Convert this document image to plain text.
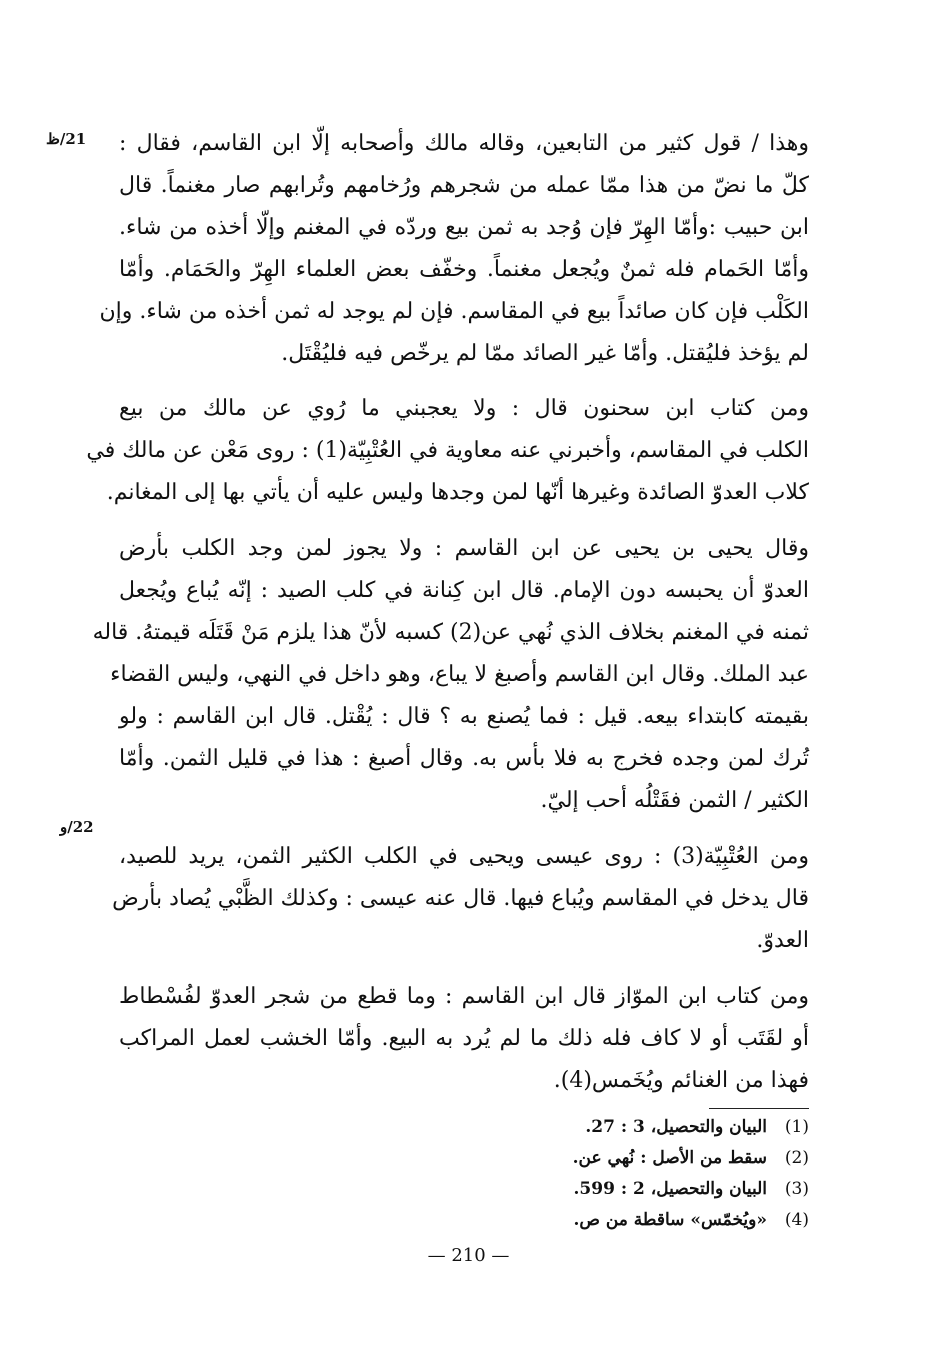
21/ظ
22/و
وهذا / قول كثير من التابعين، وقاله مالك وأصحابه إلّا ابن القاسم، فقال :
كلّ ما نضّ من هذا ممّا عمله من شجرهم ورُخامهم وتُرابهم صار مغنماً. قال
ابن حبيب :وأمّا الهِرّ فإن وُجد به ثمن بيع وردّه في المغنم وإلّا أخذه من شاء.
وأمّا الحَمام فله ثمنٌ ويُجعل مغنماً. وخفّف بعض العلماء الهِرّ والحَمَام. وأمّا
الكَلْب فإن كان صائداً بيع في المقاسم. فإن لم يوجد له ثمن أخذه من شاء. وإن
لم يؤخذ فليُقتل. وأمّا غير الصائد ممّا لم يرخّص فيه فليُقْتَل.
ومن كتاب ابن سحنون قال : ولا يعجبني ما رُوي عن مالك من بيع
الكلب في المقاسم، وأخبرني عنه معاوية في العُتْبِيّة(1) : روى مَعْن عن مالك في
كلاب العدوّ الصائدة وغيرها أنّها لمن وجدها وليس عليه أن يأتي بها إلى المغانم.
وقال يحيى بن يحيى عن ابن القاسم : ولا يجوز لمن وجد الكلب بأرض
العدوّ أن يحبسه دون الإمام. قال ابن كِنانة في كلب الصيد : إنّه يُباع ويُجعل
ثمنه في المغنم بخلاف الذي نُهي عن(2) كسبه لأنّ هذا يلزم مَنْ قَتَلَه قيمتهُ. قاله
عبد الملك. وقال ابن القاسم وأصبغ لا يباع، وهو داخل في النهي، وليس القضاء
بقيمته كابتداء بيعه. قيل : فما يُصنع به ؟ قال : يُقْتل. قال ابن القاسم : ولو
تُرك لمن وجده فخرج به فلا بأس به. وقال أصبغ : هذا في قليل الثمن. وأمّا
الكثير / الثمن فقَتْلُه أحب إليّ.
ومن العُتْبِيّة(3) : روى عيسى ويحيى في الكلب الكثير الثمن، يريد للصيد،
قال يدخل في المقاسم ويُباع فيها. قال عنه عيسى : وكذلك الظَّبْي يُصاد بأرض
العدوّ.
ومن كتاب ابن الموّاز قال ابن القاسم : وما قطع من شجر العدوّ لفُسْطاط
أو لقَتَب أو لا كاف فله ذلك ما لم يُرد به البيع. وأمّا الخشب لعمل المراكب
فهذا من الغنائم ويُخَمس(4).
(1)البيان والتحصيل، 3 : 27.
(2)سقط من الأصل : نُهي عن.
(3)البيان والتحصيل، 2 : 599.
(4)«ويُخمّس» ساقطة من ص.
— 210 —
